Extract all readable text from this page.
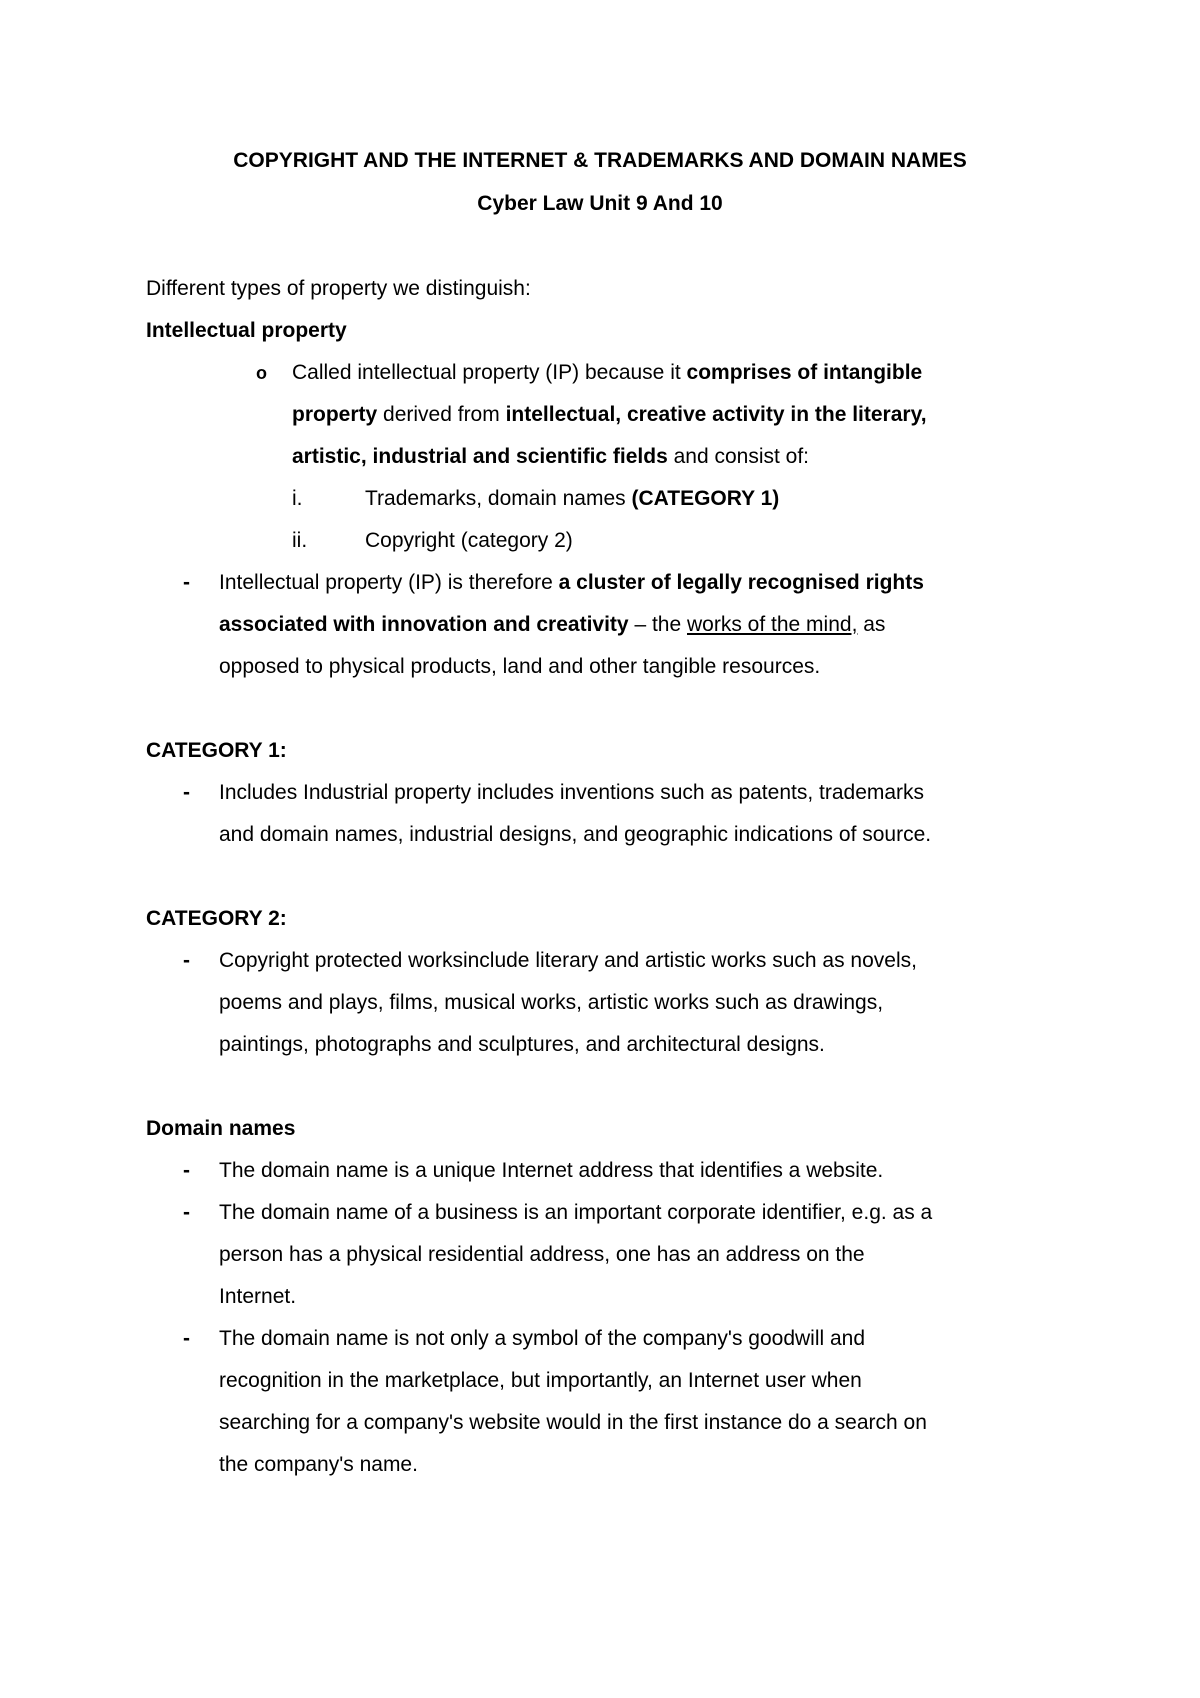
COPYRIGHT AND THE INTERNET & TRADEMARKS AND DOMAIN NAMES
Cyber Law Unit 9 And 10
Different types of property we distinguish:
Intellectual property
o Called intellectual property (IP) because it comprises of intangible
property derived from intellectual, creative activity in the literary,
artistic, industrial and scientific fields and consist of:
i.	Trademarks, domain names (CATEGORY 1)
ii.	Copyright (category 2)
- Intellectual property (IP) is therefore a cluster of legally recognised rights
associated with innovation and creativity – the works of the mind, as
opposed to physical products, land and other tangible resources.
CATEGORY 1:
- Includes Industrial property includes inventions such as patents, trademarks
and domain names, industrial designs, and geographic indications of source.
CATEGORY 2:
- Copyright protected worksinclude literary and artistic works such as novels,
poems and plays, films, musical works, artistic works such as drawings,
paintings, photographs and sculptures, and architectural designs.
Domain names
- The domain name is a unique Internet address that identifies a website.
- The domain name of a business is an important corporate identifier, e.g. as a
person has a physical residential address, one has an address on the
Internet.
- The domain name is not only a symbol of the company's goodwill and
recognition in the marketplace, but importantly, an Internet user when
searching for a company's website would in the first instance do a search on
the company's name.
